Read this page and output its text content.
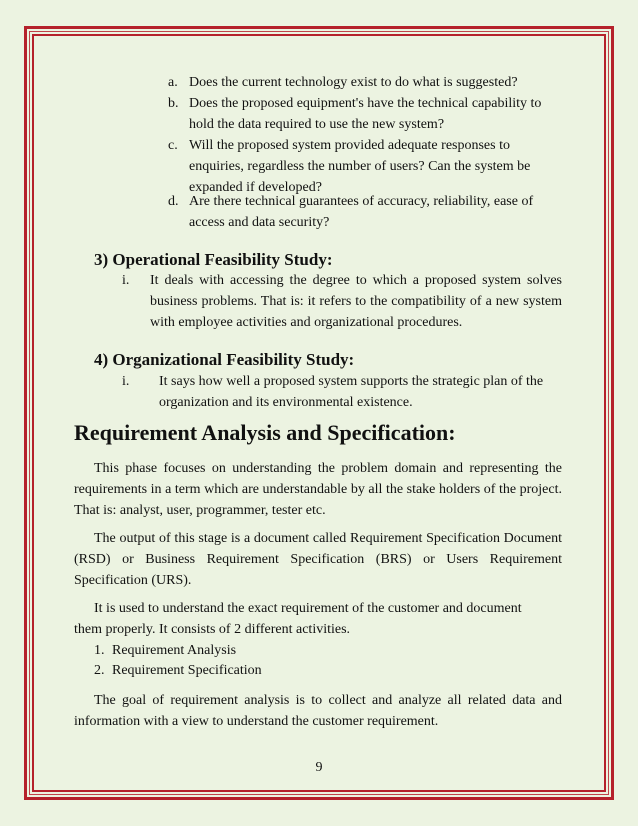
a. Does the current technology exist to do what is suggested?
b. Does the proposed equipment's have the technical capability to hold the data required to use the new system?
c. Will the proposed system provided adequate responses to enquiries, regardless the number of users? Can the system be expanded if developed?
d. Are there technical guarantees of accuracy, reliability, ease of access and data security?
3) Operational Feasibility Study:
i. It deals with accessing the degree to which a proposed system solves business problems. That is: it refers to the compatibility of a new system with employee activities and organizational procedures.
4) Organizational Feasibility Study:
i. It says how well a proposed system supports the strategic plan of the organization and its environmental existence.
Requirement Analysis and Specification:
This phase focuses on understanding the problem domain and representing the requirements in a term which are understandable by all the stake holders of the project. That is: analyst, user, programmer, tester etc.
The output of this stage is a document called Requirement Specification Document (RSD) or Business Requirement Specification (BRS) or Users Requirement Specification (URS).
It is used to understand the exact requirement of the customer and document
them properly. It consists of 2 different activities.
1. Requirement Analysis
2. Requirement Specification
The goal of requirement analysis is to collect and analyze all related data and information with a view to understand the customer requirement.
9
